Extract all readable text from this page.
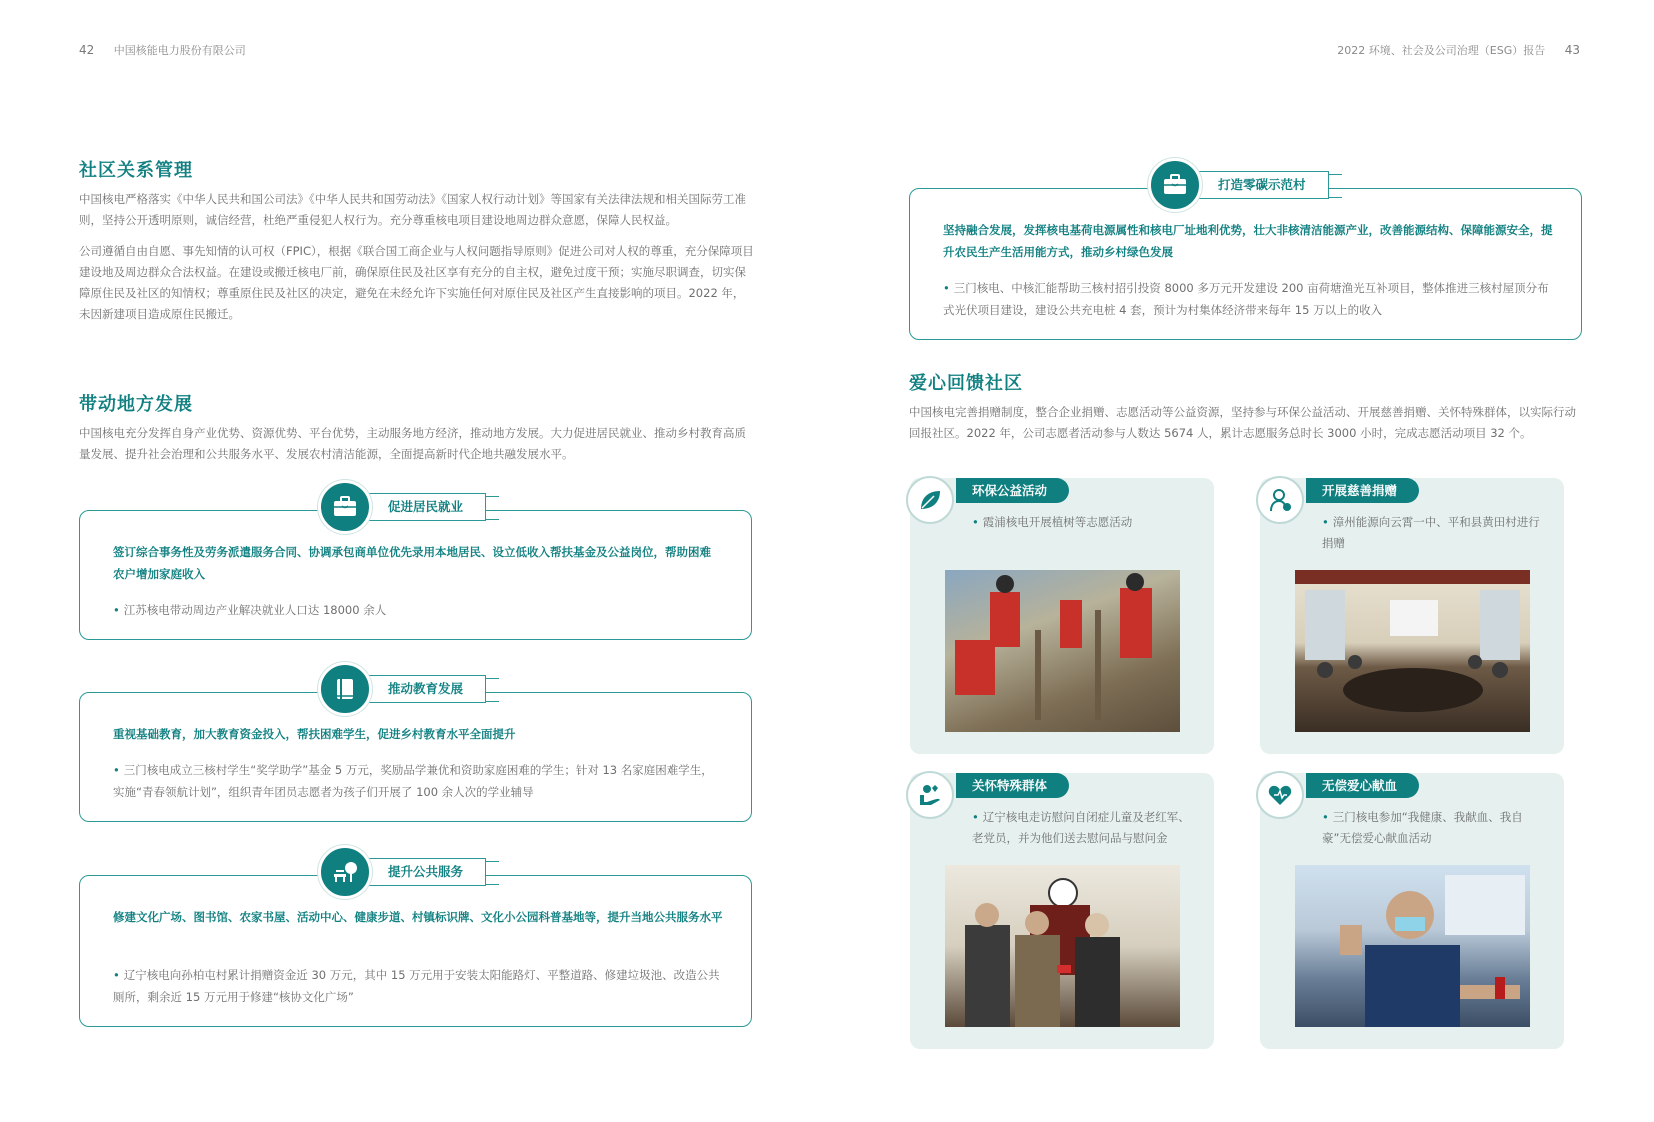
42 中国核能电力股份有限公司	2022 环境、社会及公司治理（ESG）报告 43
社区关系管理

中国核电严格落实《中华人民共和国公司法》《中华人民共和国劳动法》《国家人权行动计划》等国家有关法律法规和相关国际劳工准则，坚持公开透明原则，诚信经营，杜绝严重侵犯人权行为。充分尊重核电项目建设地周边群众意愿，保障人民权益。

公司遵循自由自愿、事先知情的认可权（FPIC），根据《联合国工商企业与人权问题指导原则》促进公司对人权的尊重，充分保障项目建设地及周边群众合法权益。在建设或搬迁核电厂前，确保原住民及社区享有充分的自主权，避免过度干预；实施尽职调查，切实保障原住民及社区的知情权；尊重原住民及社区的决定，避免在未经允许下实施任何对原住民及社区产生直接影响的项目。2022 年，未因新建项目造成原住民搬迁。

带动地方发展

中国核电充分发挥自身产业优势、资源优势、平台优势，主动服务地方经济，推动地方发展。大力促进居民就业、推动乡村教育高质量发展、提升社会治理和公共服务水平、发展农村清洁能源，全面提高新时代企地共融发展水平。

签订综合事务性及劳务派遣服务合同、协调承包商单位优先录用本地居民、设立低收入帮扶基金及公益岗位，帮助困难农户增加家庭收入
• 江苏核电带动周边产业解决就业人口达 18000 余人
促进居民就业
重视基础教育，加大教育资金投入，帮扶困难学生，促进乡村教育水平全面提升
• 三门核电成立三核村学生“奖学助学”基金 5 万元，奖励品学兼优和资助家庭困难的学生；针对 13 名家庭困难学生，实施“青春领航计划”，组织青年团员志愿者为孩子们开展了 100 余人次的学业辅导
推动教育发展
修建文化广场、图书馆、农家书屋、活动中心、健康步道、村镇标识牌、文化小公园科普基地等，提升当地公共服务水平
• 辽宁核电向孙柏屯村累计捐赠资金近 30 万元，其中 15 万元用于安装太阳能路灯、平整道路、修建垃圾池、改造公共厕所，剩余近 15 万元用于修建“核协文化广场”
提升公共服务
坚持融合发展，发挥核电基荷电源属性和核电厂址地利优势，壮大非核清洁能源产业，改善能源结构、保障能源安全，提升农民生产生活用能方式，推动乡村绿色发展
• 三门核电、中核汇能帮助三核村招引投资 8000 多万元开发建设 200 亩荷塘渔光互补项目，整体推进三核村屋顶分布式光伏项目建设，建设公共充电桩 4 套，预计为村集体经济带来每年 15 万以上的收入
打造零碳示范村
爱心回馈社区

中国核电完善捐赠制度，整合企业捐赠、志愿活动等公益资源，坚持参与环保公益活动、开展慈善捐赠、关怀特殊群体，以实际行动回报社区。2022 年，公司志愿者活动参与人数达 5674 人，累计志愿服务总时长 3000 小时，完成志愿活动项目 32 个。

环保公益活动
• 霞浦核电开展植树等志愿活动
开展慈善捐赠
• 漳州能源向云霄一中、平和县黄田村进行捐赠
关怀特殊群体
• 辽宁核电走访慰问自闭症儿童及老红军、老党员，并为他们送去慰问品与慰问金
无偿爱心献血
• 三门核电参加“我健康、我献血、我自豪”无偿爱心献血活动
